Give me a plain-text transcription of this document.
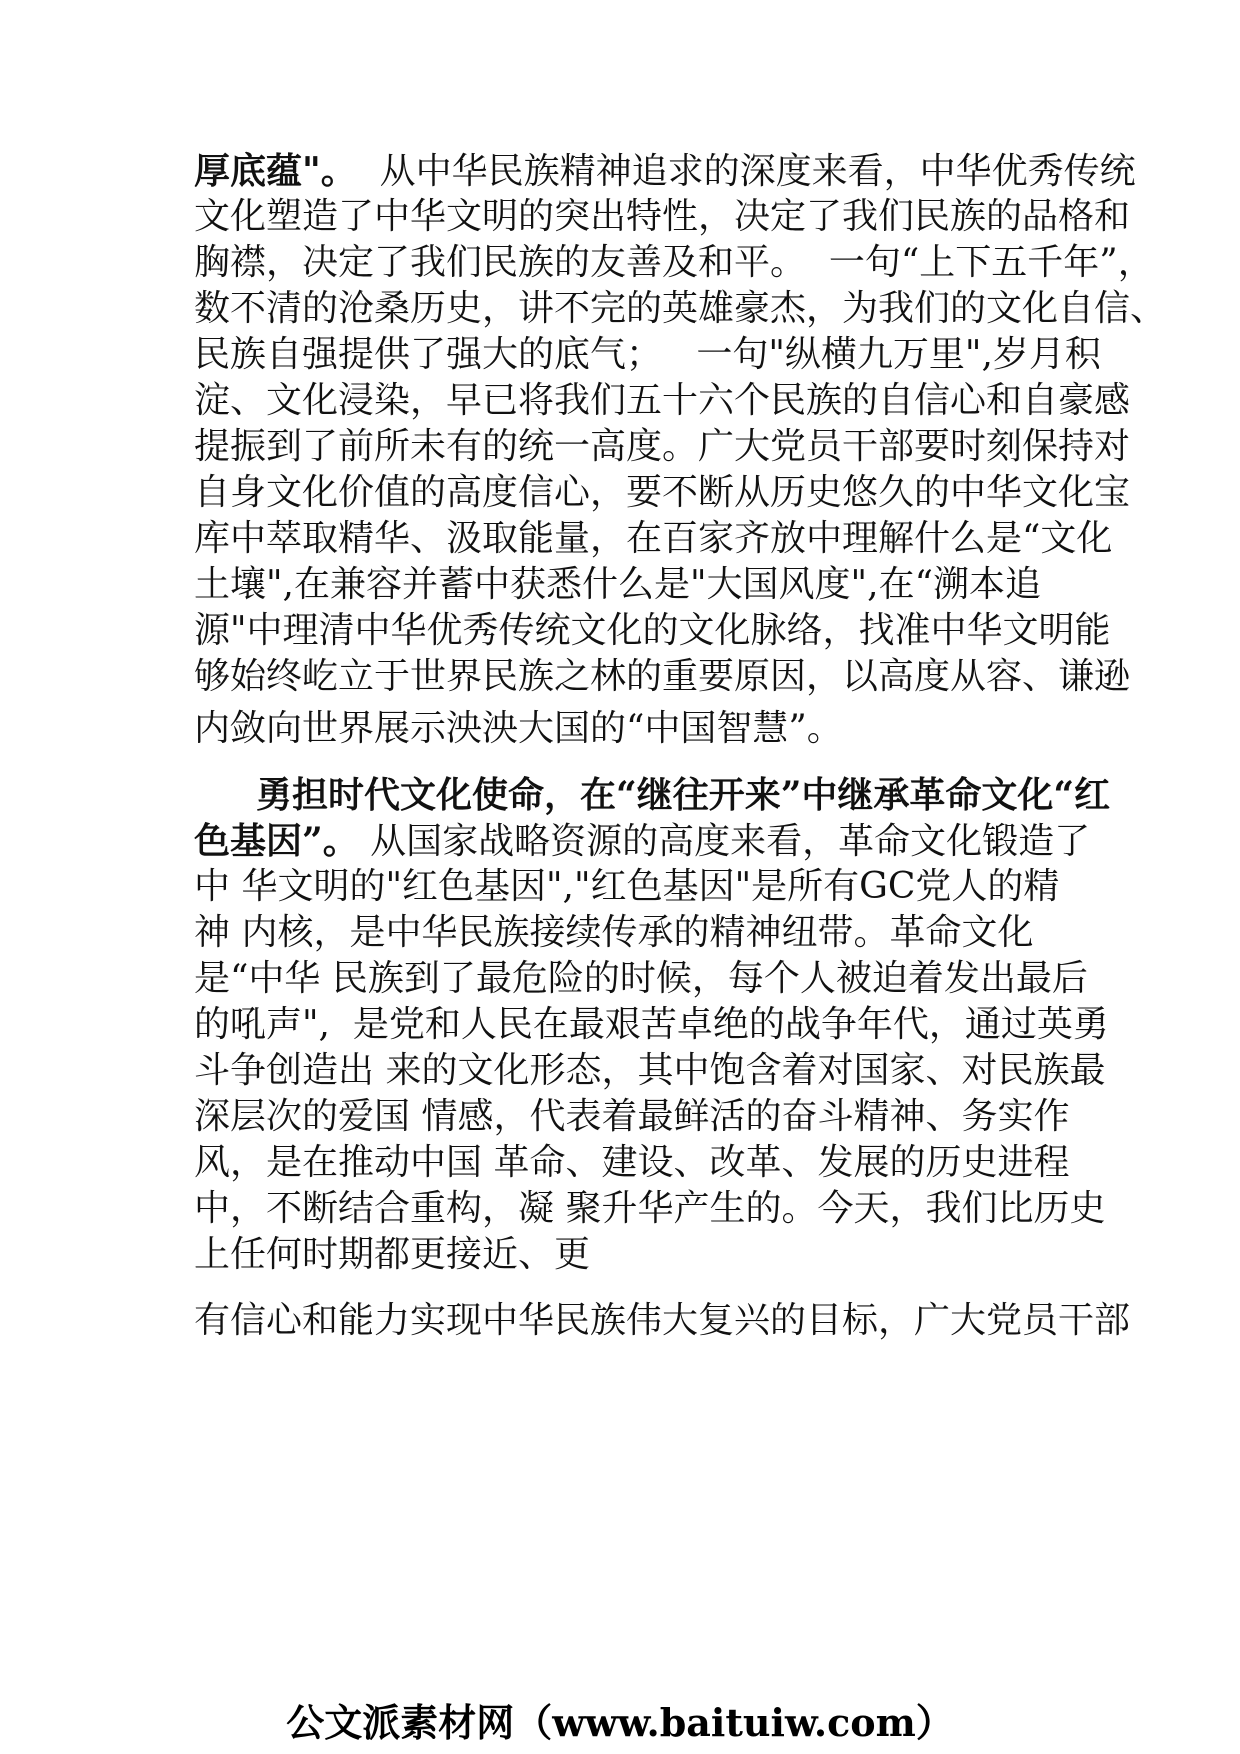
厚底蕴"。  从中华民族精神追求的深度来看，中华优秀传统
文化塑造了中华文明的突出特性，决定了我们民族的品格和
胸襟，决定了我们民族的友善及和平。  一句“上下五千年”，
数不清的沧桑历史，讲不完的英雄豪杰，为我们的文化自信、
民族自强提供了强大的底气；   一句"纵横九万里",岁月积
淀、文化浸染，早已将我们五十六个民族的自信心和自豪感
提振到了前所未有的统一高度。广大党员干部要时刻保持对
自身文化价值的高度信心，要不断从历史悠久的中华文化宝
库中萃取精华、汲取能量，在百家齐放中理解什么是“文化
土壤",在兼容并蓄中获悉什么是"大国风度",在“溯本追
源"中理清中华优秀传统文化的文化脉络，找准中华文明能
够始终屹立于世界民族之林的重要原因，以高度从容、谦逊
内敛向世界展示泱泱大国的“中国智慧”。
勇担时代文化使命，在“继往开来”中继承革命文化“红
色基因”。 从国家战略资源的高度来看，革命文化锻造了
中 华文明的"红色基因","红色基因"是所有GC党人的精
神 内核，是中华民族接续传承的精神纽带。革命文化
是“中华 民族到了最危险的时候，每个人被迫着发出最后
的吼声",  是党和人民在最艰苦卓绝的战争年代，通过英勇
斗争创造出 来的文化形态，其中饱含着对国家、对民族最
深层次的爱国 情感，代表着最鲜活的奋斗精神、务实作
风，是在推动中国 革命、建设、改革、发展的历史进程
中，不断结合重构，凝 聚升华产生的。今天，我们比历史
上任何时期都更接近、更
有信心和能力实现中华民族伟大复兴的目标，广大党员干部
公文派素材网（www.baituiw.com）
